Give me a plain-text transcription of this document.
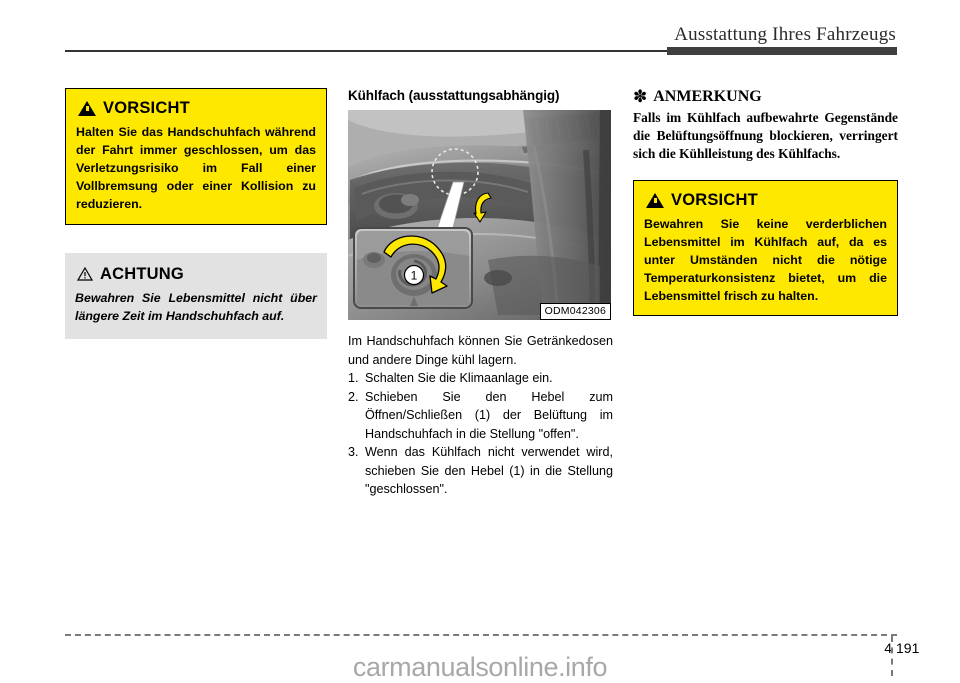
Ausstattung Ihres Fahrzeugs
VORSICHT

Halten Sie das Handschuhfach während der Fahrt immer geschlossen, um das Verletzungsrisiko im Fall einer Vollbremsung oder einer Kollision zu reduzieren.

ACHTUNG

Bewahren Sie Lebensmittel nicht über längere Zeit im Handschuhfach auf.

Kühlfach (ausstattungsabhängig)
1
ODM042306

Im Handschuhfach können Sie Getränkedosen und andere Dinge kühl lagern.

1. Schalten Sie die Klimaanlage ein.
2. Schieben Sie den Hebel zum Öffnen/Schließen (1) der Belüftung im Handschuhfach in die Stellung "offen".
3. Wenn das Kühlfach nicht verwendet wird, schieben Sie den Hebel (1) in die Stellung "geschlossen".
✽ ANMERKUNG

Falls im Kühlfach aufbewahrte Gegenstände die Belüftungsöffnung blockieren, verringert sich die Kühlleistung des Kühlfachs.

VORSICHT

Bewahren Sie keine verderblichen Lebensmittel im Kühlfach auf, da es unter Umständen nicht die nötige Temperaturkonsistenz bietet, um die Lebensmittel frisch zu halten.

4 191
carmanualsonline.info
